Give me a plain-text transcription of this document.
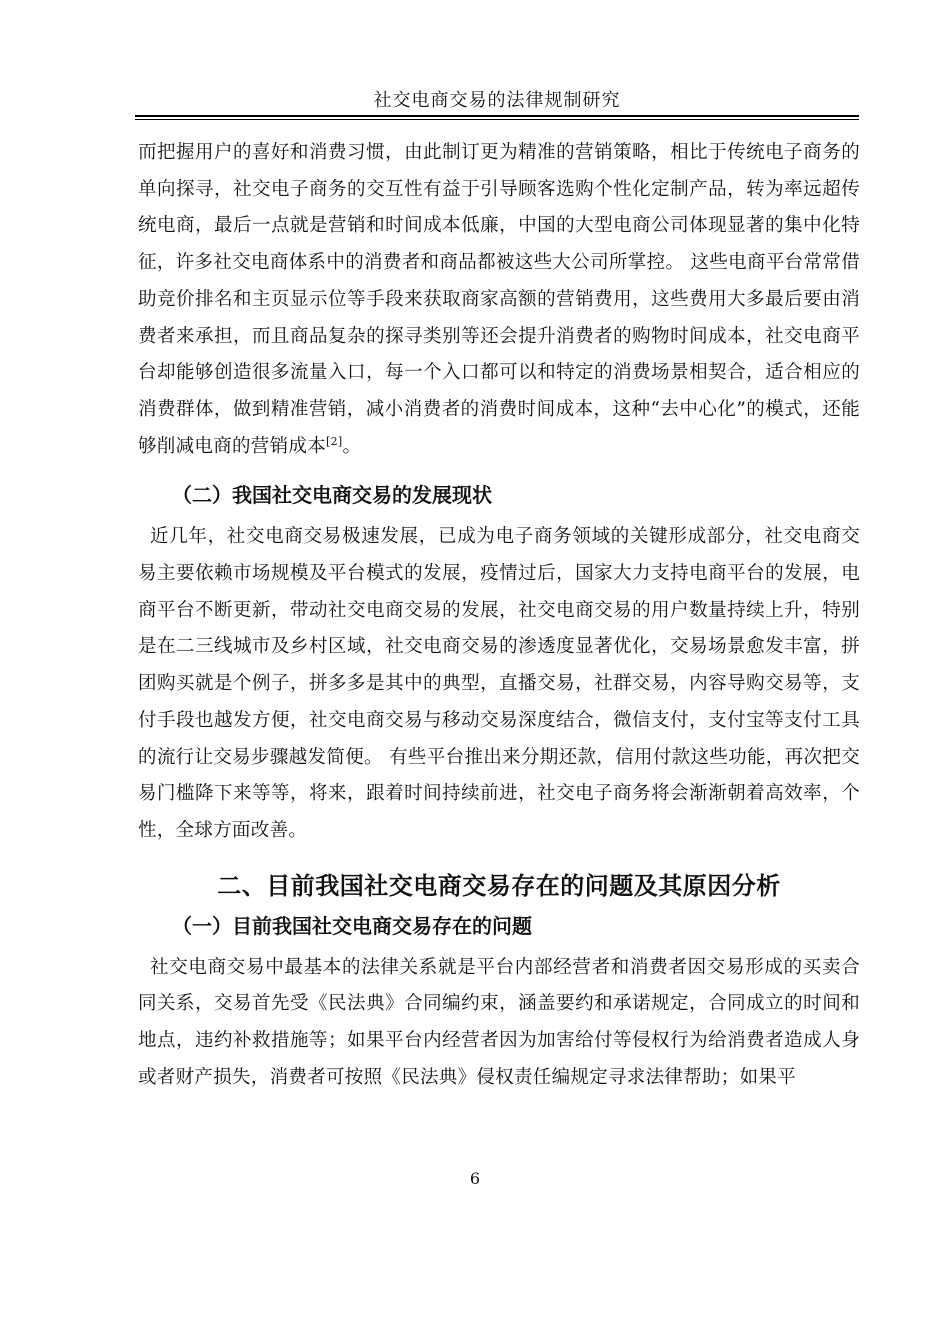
社交电商交易的法律规制研究

而把握用户的喜好和消费习惯，由此制订更为精准的营销策略，相比于传统电子商务的单向探寻，社交电子商务的交互性有益于引导顾客选购个性化定制产品，转为率远超传统电商，最后一点就是营销和时间成本低廉，中国的大型电商公司体现显著的集中化特征，许多社交电商体系中的消费者和商品都被这些大公司所掌控。 这些电商平台常常借助竞价排名和主页显示位等手段来获取商家高额的营销费用，这些费用大多最后要由消费者来承担，而且商品复杂的探寻类别等还会提升消费者的购物时间成本，社交电商平台却能够创造很多流量入口，每一个入口都可以和特定的消费场景相契合，适合相应的消费群体，做到精准营销，减小消费者的消费时间成本，这种“去中心化”的模式，还能够削减电商的营销成本[2]。

（二）我国社交电商交易的发展现状

近几年，社交电商交易极速发展，已成为电子商务领域的关键形成部分，社交电商交易主要依赖市场规模及平台模式的发展，疫情过后，国家大力支持电商平台的发展，电商平台不断更新，带动社交电商交易的发展，社交电商交易的用户数量持续上升，特别是在二三线城市及乡村区域，社交电商交易的渗透度显著优化，交易场景愈发丰富，拼团购买就是个例子，拼多多是其中的典型，直播交易，社群交易，内容导购交易等，支付手段也越发方便，社交电商交易与移动交易深度结合，微信支付，支付宝等支付工具的流行让交易步骤越发简便。 有些平台推出来分期还款，信用付款这些功能，再次把交易门槛降下来等等，将来，跟着时间持续前进，社交电子商务将会渐渐朝着高效率，个性，全球方面改善。

二、目前我国社交电商交易存在的问题及其原因分析
（一）目前我国社交电商交易存在的问题

社交电商交易中最基本的法律关系就是平台内部经营者和消费者因交易形成的买卖合同关系，交易首先受《民法典》合同编约束，涵盖要约和承诺规定，合同成立的时间和地点，违约补救措施等；如果平台内经营者因为加害给付等侵权行为给消费者造成人身或者财产损失，消费者可按照《民法典》侵权责任编规定寻求法律帮助；如果平

6
